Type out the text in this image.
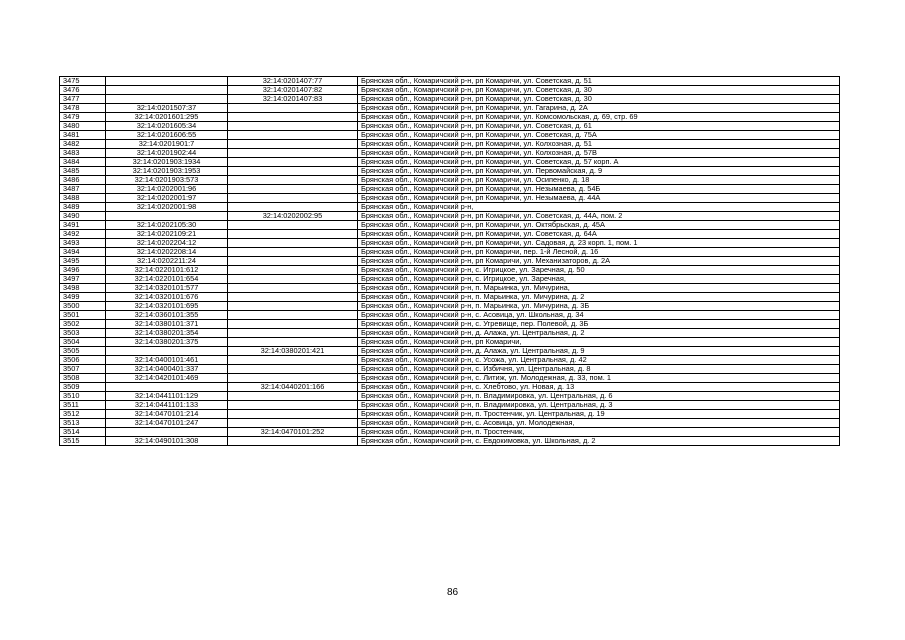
3475		32:14:0201407:77	Брянская обл., Комаричский р-н, рп Комаричи, ул. Советская, д. 51
3476		32:14:0201407:82	Брянская обл., Комаричский р-н, рп Комаричи, ул. Советская, д. 30
3477		32:14:0201407:83	Брянская обл., Комаричский р-н, рп Комаричи, ул. Советская, д. 30
3478	32:14:0201507:37		Брянская обл., Комаричский р-н, рп Комаричи, ул. Гагарина, д. 2А
3479	32:14:0201601:295		Брянская обл., Комаричский р-н, рп Комаричи, ул. Комсомольская, д. 69, стр. 69
3480	32:14:0201605:34		Брянская обл., Комаричский р-н, рп Комаричи, ул. Советская, д. 61
3481	32:14:0201606:55		Брянская обл., Комаричский р-н, рп Комаричи, ул. Советская, д. 75А
3482	32:14:0201901:7		Брянская обл., Комаричский р-н, рп Комаричи, ул. Колхозная, д. 51
3483	32:14:0201902:44		Брянская обл., Комаричский р-н, рп Комаричи, ул. Колхозная, д. 57В
3484	32:14:0201903:1934		Брянская обл., Комаричский р-н, рп Комаричи, ул. Советская, д. 57 корп. А
3485	32:14:0201903:1953		Брянская обл., Комаричский р-н, рп Комаричи, ул. Первомайская, д. 9
3486	32:14:0201903:573		Брянская обл., Комаричский р-н, рп Комаричи, ул. Осипенко, д. 18
3487	32:14:0202001:96		Брянская обл., Комаричский р-н, рп Комаричи, ул. Незымаева, д. 54Б
3488	32:14:0202001:97		Брянская обл., Комаричский р-н, рп Комаричи, ул. Незымаева, д. 44А
3489	32:14:0202001:98		Брянская обл., Комаричский р-н,
3490		32:14:0202002:95	Брянская обл., Комаричский р-н, рп Комаричи, ул. Советская, д. 44А, пом. 2
3491	32:14:0202105:30		Брянская обл., Комаричский р-н, рп Комаричи, ул. Октябрьская, д. 45А
3492	32:14:0202109:21		Брянская обл., Комаричский р-н, рп Комаричи, ул. Советская, д. 64А
3493	32:14:0202204:12		Брянская обл., Комаричский р-н, рп Комаричи, ул. Садовая, д. 23 корп. 1, пом. 1
3494	32:14:0202208:14		Брянская обл., Комаричский р-н, рп Комаричи, пер. 1-й Лесной, д. 16
3495	32:14:0202211:24		Брянская обл., Комаричский р-н, рп Комаричи, ул. Механизаторов, д. 2А
3496	32:14:0220101:612		Брянская обл., Комаричский р-н, с. Игрицкое, ул. Заречная, д. 50
3497	32:14:0220101:654		Брянская обл., Комаричский р-н, с. Игрицкое, ул. Заречная,
3498	32:14:0320101:577		Брянская обл., Комаричский р-н, п. Марьинка, ул. Мичурина,
3499	32:14:0320101:676		Брянская обл., Комаричский р-н, п. Марьинка, ул. Мичурина, д. 2
3500	32:14:0320101:695		Брянская обл., Комаричский р-н, п. Марьинка, ул. Мичурина, д. 3Б
3501	32:14:0360101:355		Брянская обл., Комаричский р-н, с. Асовица, ул. Школьная, д. 34
3502	32:14:0380101:371		Брянская обл., Комаричский р-н, с. Угревище, пер. Полевой, д. 3Б
3503	32:14:0380201:354		Брянская обл., Комаричский р-н, д. Алажа, ул. Центральная, д. 2
3504	32:14:0380201:375		Брянская обл., Комаричский р-н, рп Комаричи,
3505		32:14:0380201:421	Брянская обл., Комаричский р-н, д. Алажа, ул. Центральная, д. 9
3506	32:14:0400101:461		Брянская обл., Комаричский р-н, с. Усожа, ул. Центральная, д. 42
3507	32:14:0400401:337		Брянская обл., Комаричский р-н, с. Избичня, ул. Центральная, д. 8
3508	32:14:0420101:469		Брянская обл., Комаричский р-н, с. Литиж, ул. Молодежная, д. 33, пом. 1
3509		32:14:0440201:166	Брянская обл., Комаричский р-н, с. Хлебтово, ул. Новая, д. 13
3510	32:14:0441101:129		Брянская обл., Комаричский р-н, п. Владимировка, ул. Центральная, д. 6
3511	32:14:0441101:133		Брянская обл., Комаричский р-н, п. Владимировка, ул. Центральная, д. 3
3512	32:14:0470101:214		Брянская обл., Комаричский р-н, п. Тростенчик, ул. Центральная, д. 19
3513	32:14:0470101:247		Брянская обл., Комаричский р-н, с. Асовица, ул. Молодежная,
3514		32:14:0470101:252	Брянская обл., Комаричский р-н, п. Тростенчик,
3515	32:14:0490101:308		Брянская обл., Комаричский р-н, с. Евдокимовка, ул. Школьная, д. 2
86
